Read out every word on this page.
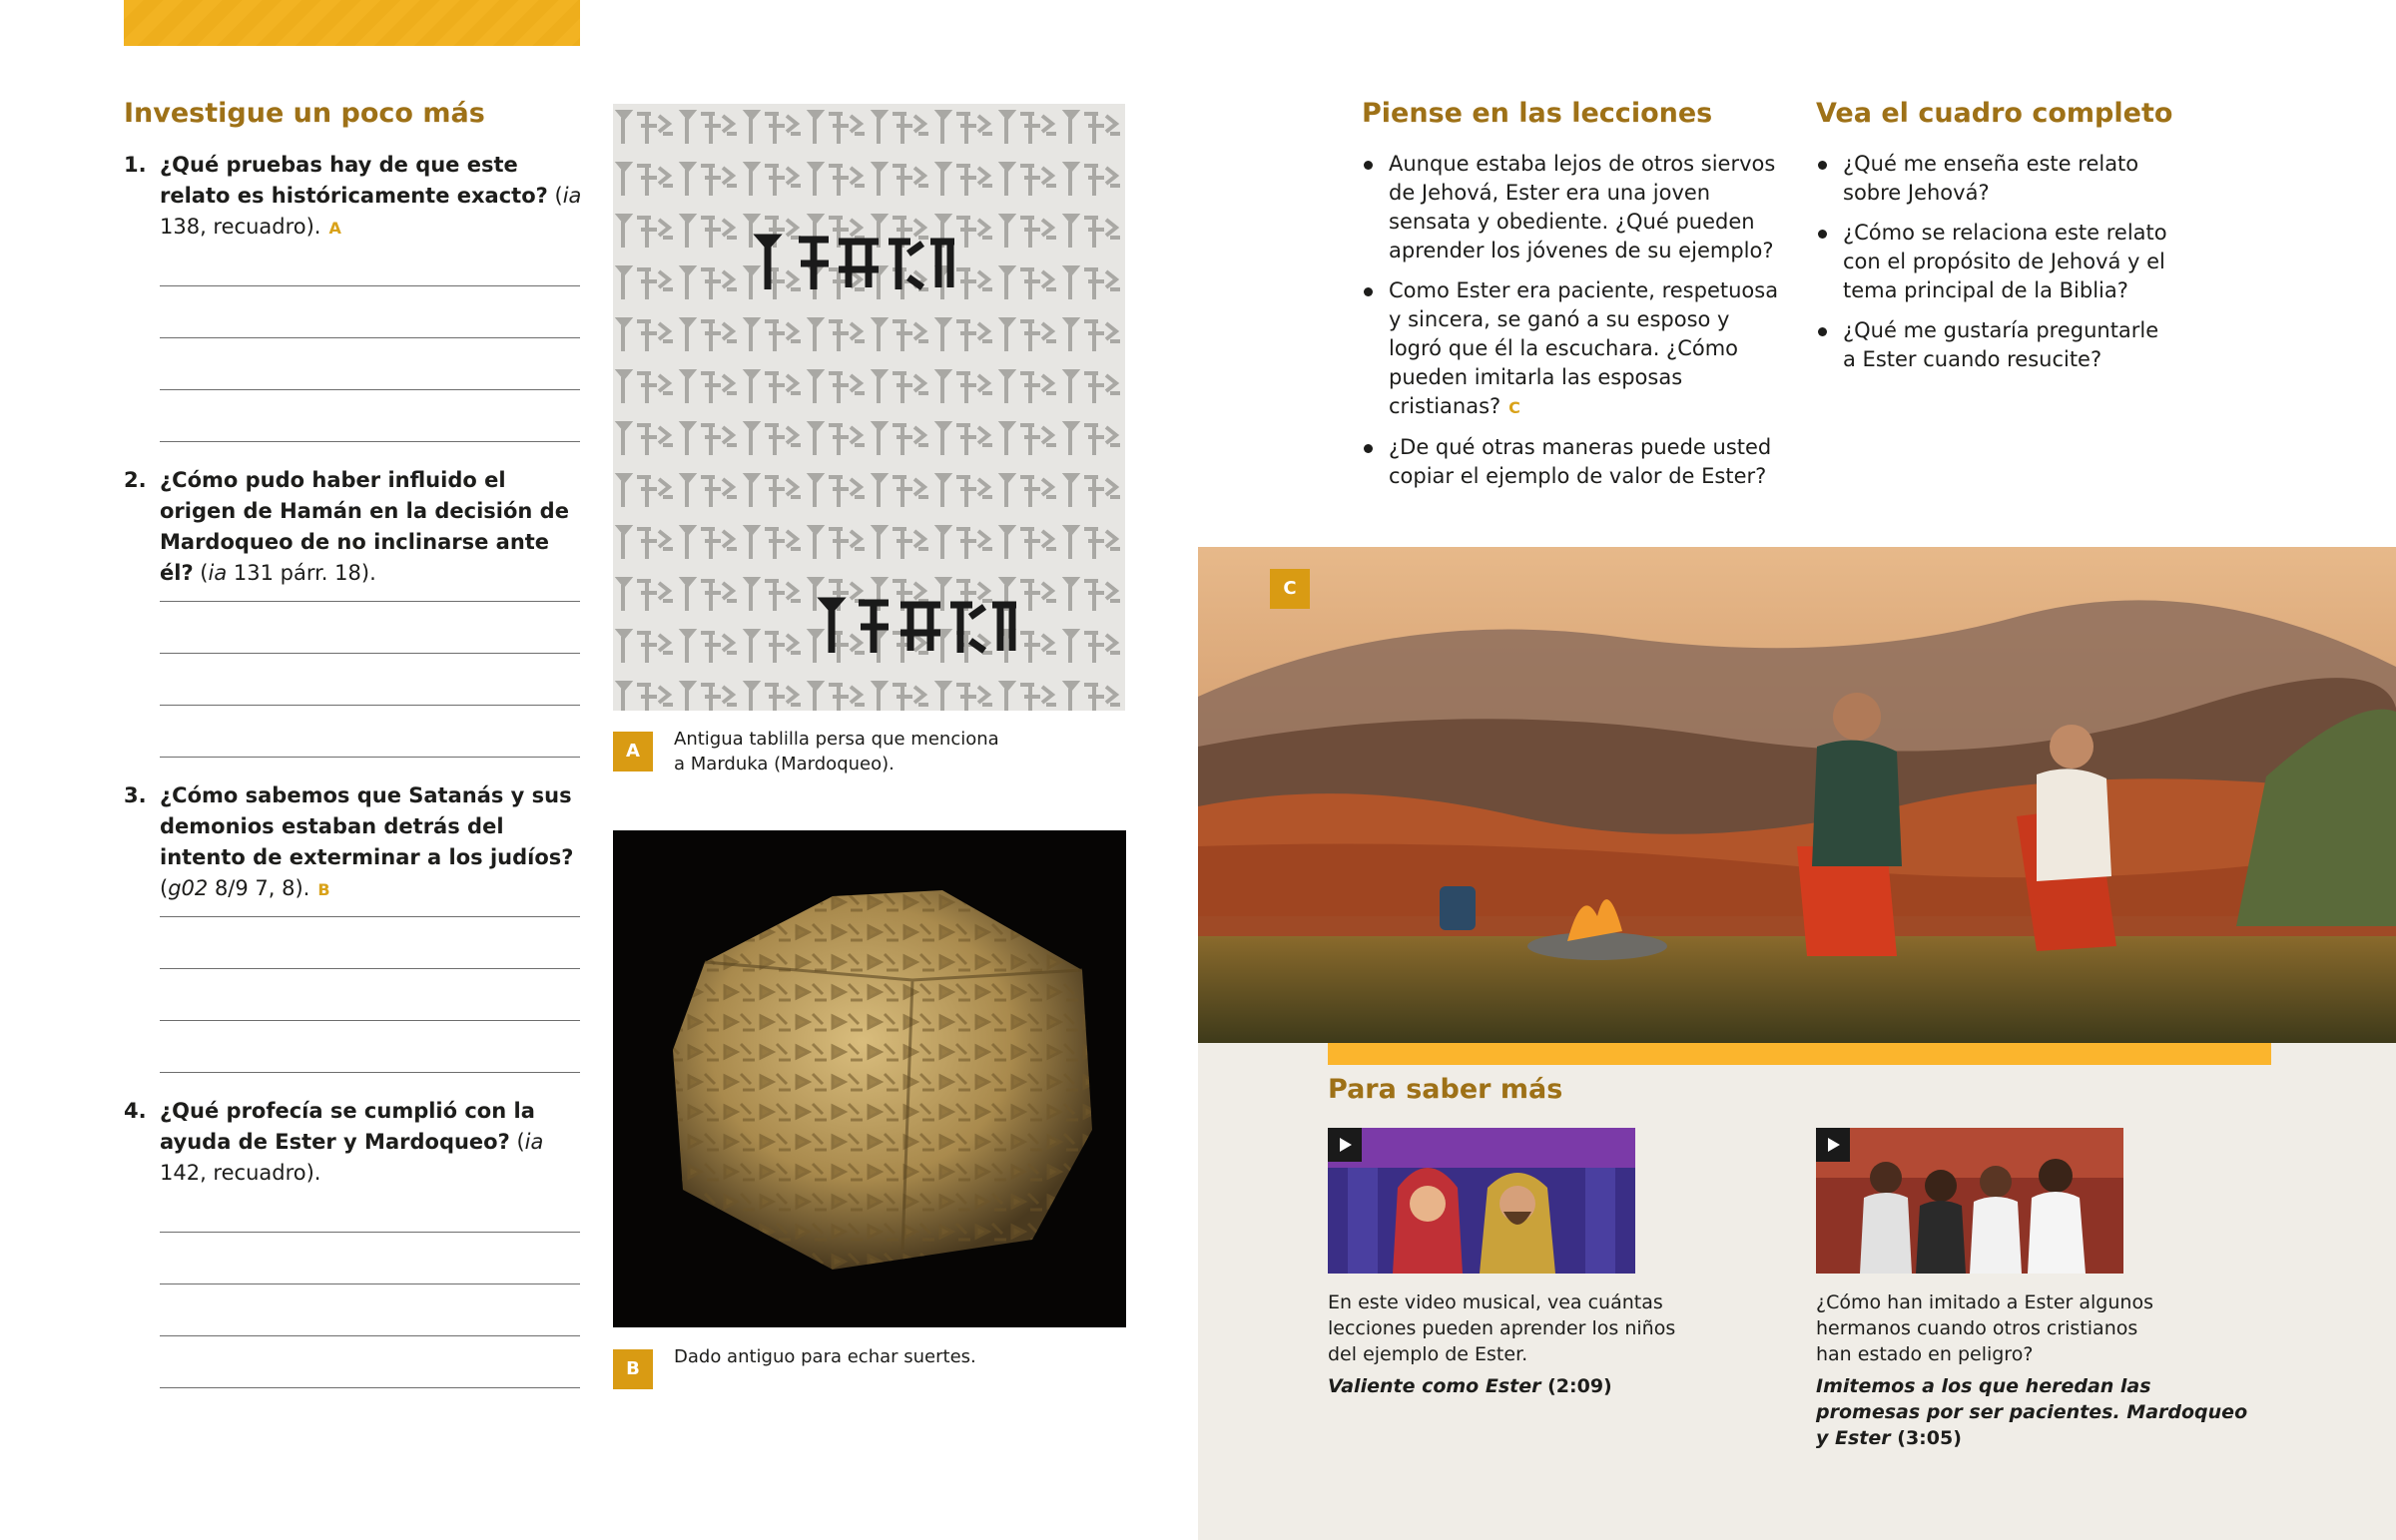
Investigue un poco más
1. ¿Qué pruebas hay de que este relato es históricamente exacto? (ia 138, recuadro). A
2. ¿Cómo pudo haber influido el origen de Hamán en la decisión de Mardoqueo de no inclinarse ante él? (ia 131 párr. 18).
3. ¿Cómo sabemos que Satanás y sus demonios estaban detrás del intento de exterminar a los judíos? (g02 8/9 7, 8). B
4. ¿Qué profecía se cumplió con la ayuda de Ester y Mardoqueo? (ia 142, recuadro).
A
Antigua tablilla persa que menciona
a Marduka (Mardoqueo).
B
Dado antiguo para echar suertes.
Piense en las lecciones
Aunque estaba lejos de otros siervos de Jehová, Ester era una joven sensata y obediente. ¿Qué pueden aprender los jóvenes de su ejemplo?
Como Ester era paciente, respetuosa y sincera, se ganó a su esposo y logró que él la escuchara. ¿Cómo pueden imitarla las esposas cristianas? C
¿De qué otras maneras puede usted copiar el ejemplo de valor de Ester?
Vea el cuadro completo
¿Qué me enseña este relato sobre Jehová?
¿Cómo se relaciona este relato con el propósito de Jehová y el tema principal de la Biblia?
¿Qué me gustaría preguntarle a Ester cuando resucite?
C
Para saber más
En este video musical, vea cuántas lecciones pueden aprender los niños del ejemplo de Ester.
Valiente como Ester (2:09)
¿Cómo han imitado a Ester algunos hermanos cuando otros cristianos han estado en peligro?
Imitemos a los que heredan las promesas por ser pacientes. Mardoqueo y Ester (3:05)
